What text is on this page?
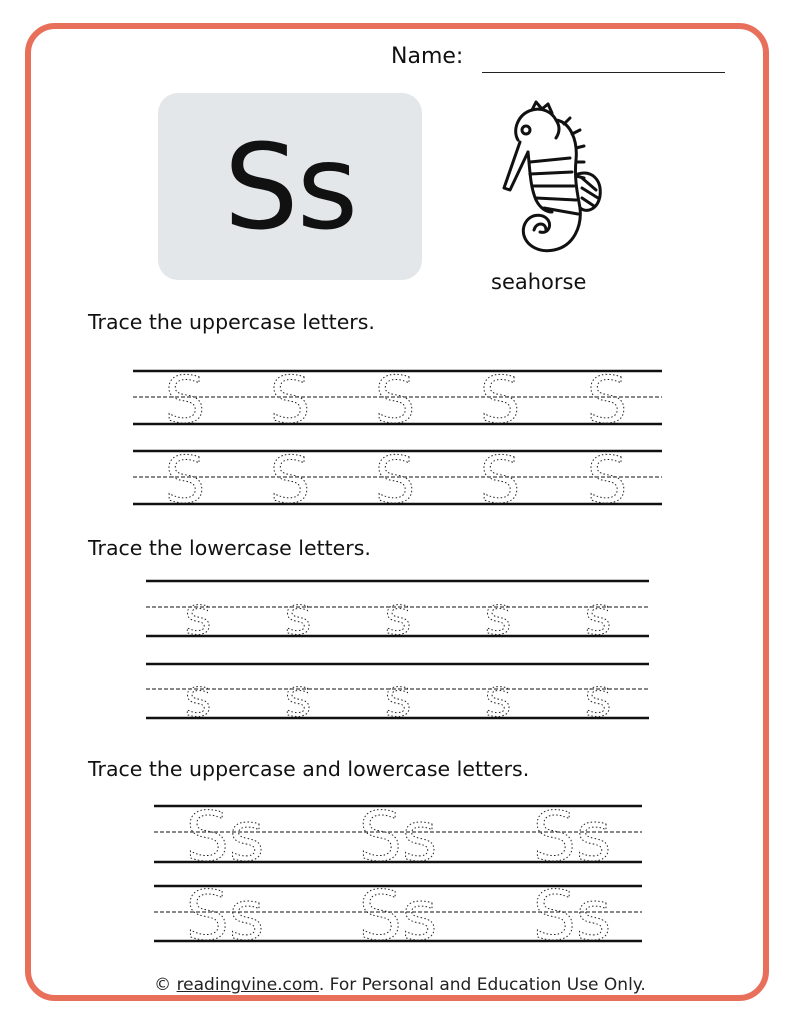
Name:
Ss
seahorse
Trace the uppercase letters.
Trace the lowercase letters.
Trace the uppercase and lowercase letters.
S S S S S
S S S S S
s s s s s
s s s s s
Ss Ss Ss
Ss Ss Ss
© readingvine.com. For Personal and Education Use Only.
